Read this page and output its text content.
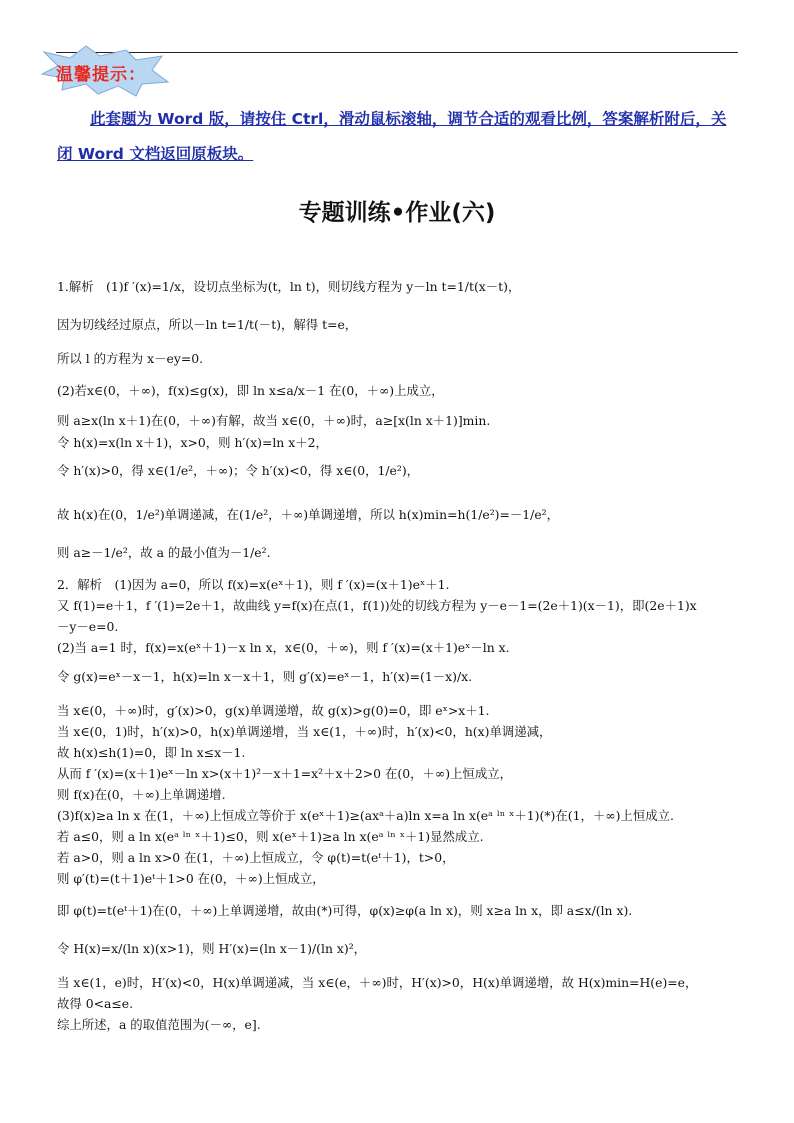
温馨提示：
此套题为 Word 版，请按住 Ctrl，滑动鼠标滚轴，调节合适的观看比例，答案解析附后，关闭 Word 文档返回原板块。
专题训练•作业(六)
1.解析　(1)f ′(x)=1/x，设切点坐标为(t，ln t)，则切线方程为 y－ln t=1/t(x－t)，
因为切线经过原点，所以－ln t=1/t(－t)，解得 t=e，
所以 l 的方程为 x－ey=0.
(2)若x∈(0，＋∞)，f(x)≤g(x)，即 ln x≤a/x－1 在(0，＋∞)上成立，
则 a≥x(ln x＋1)在(0，＋∞)有解，故当 x∈(0，＋∞)时，a≥[x(ln x＋1)]min.
令 h(x)=x(ln x＋1)，x>0，则 h′(x)=ln x＋2，
令 h′(x)>0，得 x∈(1/e²，＋∞)；令 h′(x)<0，得 x∈(0，1/e²)，
故 h(x)在(0，1/e²)单调递减，在(1/e²，＋∞)单调递增，所以 h(x)min=h(1/e²)=－1/e²，
则 a≥－1/e²，故 a 的最小值为－1/e².
2．解析　(1)因为 a=0，所以 f(x)=x(eˣ＋1)，则 f ′(x)=(x＋1)eˣ＋1.
又 f(1)=e＋1，f ′(1)=2e＋1，故曲线 y=f(x)在点(1，f(1))处的切线方程为 y－e－1=(2e＋1)(x－1)，即(2e＋1)x
－y－e=0.
(2)当 a=1 时，f(x)=x(eˣ＋1)－x ln x，x∈(0，＋∞)，则 f ′(x)=(x＋1)eˣ－ln x.
令 g(x)=eˣ－x－1，h(x)=ln x－x＋1，则 g′(x)=eˣ－1，h′(x)=(1－x)/x.
当 x∈(0，＋∞)时，g′(x)>0，g(x)单调递增，故 g(x)>g(0)=0，即 eˣ>x＋1.
当 x∈(0，1)时，h′(x)>0，h(x)单调递增，当 x∈(1，＋∞)时，h′(x)<0，h(x)单调递减，
故 h(x)≤h(1)=0，即 ln x≤x－1.
从而 f ′(x)=(x＋1)eˣ－ln x>(x＋1)²－x＋1=x²＋x＋2>0 在(0，＋∞)上恒成立，
则 f(x)在(0，＋∞)上单调递增.
(3)f(x)≥a ln x 在(1，＋∞)上恒成立等价于 x(eˣ＋1)≥(axᵃ＋a)ln x=a ln x(eᵃ ˡⁿ ˣ＋1)(*)在(1，＋∞)上恒成立.
若 a≤0，则 a ln x(eᵃ ˡⁿ ˣ＋1)≤0，则 x(eˣ＋1)≥a ln x(eᵃ ˡⁿ ˣ＋1)显然成立.
若 a>0，则 a ln x>0 在(1，＋∞)上恒成立，令 φ(t)=t(eᵗ＋1)，t>0，
则 φ′(t)=(t＋1)eᵗ＋1>0 在(0，＋∞)上恒成立，
即 φ(t)=t(eᵗ＋1)在(0，＋∞)上单调递增，故由(*)可得，φ(x)≥φ(a ln x)，则 x≥a ln x，即 a≤x/(ln x).
令 H(x)=x/(ln x)(x>1)，则 H′(x)=(ln x－1)/(ln x)²，
当 x∈(1，e)时，H′(x)<0，H(x)单调递减，当 x∈(e，＋∞)时，H′(x)>0，H(x)单调递增，故 H(x)min=H(e)=e，
故得 0<a≤e.
综上所述，a 的取值范围为(－∞，e].
